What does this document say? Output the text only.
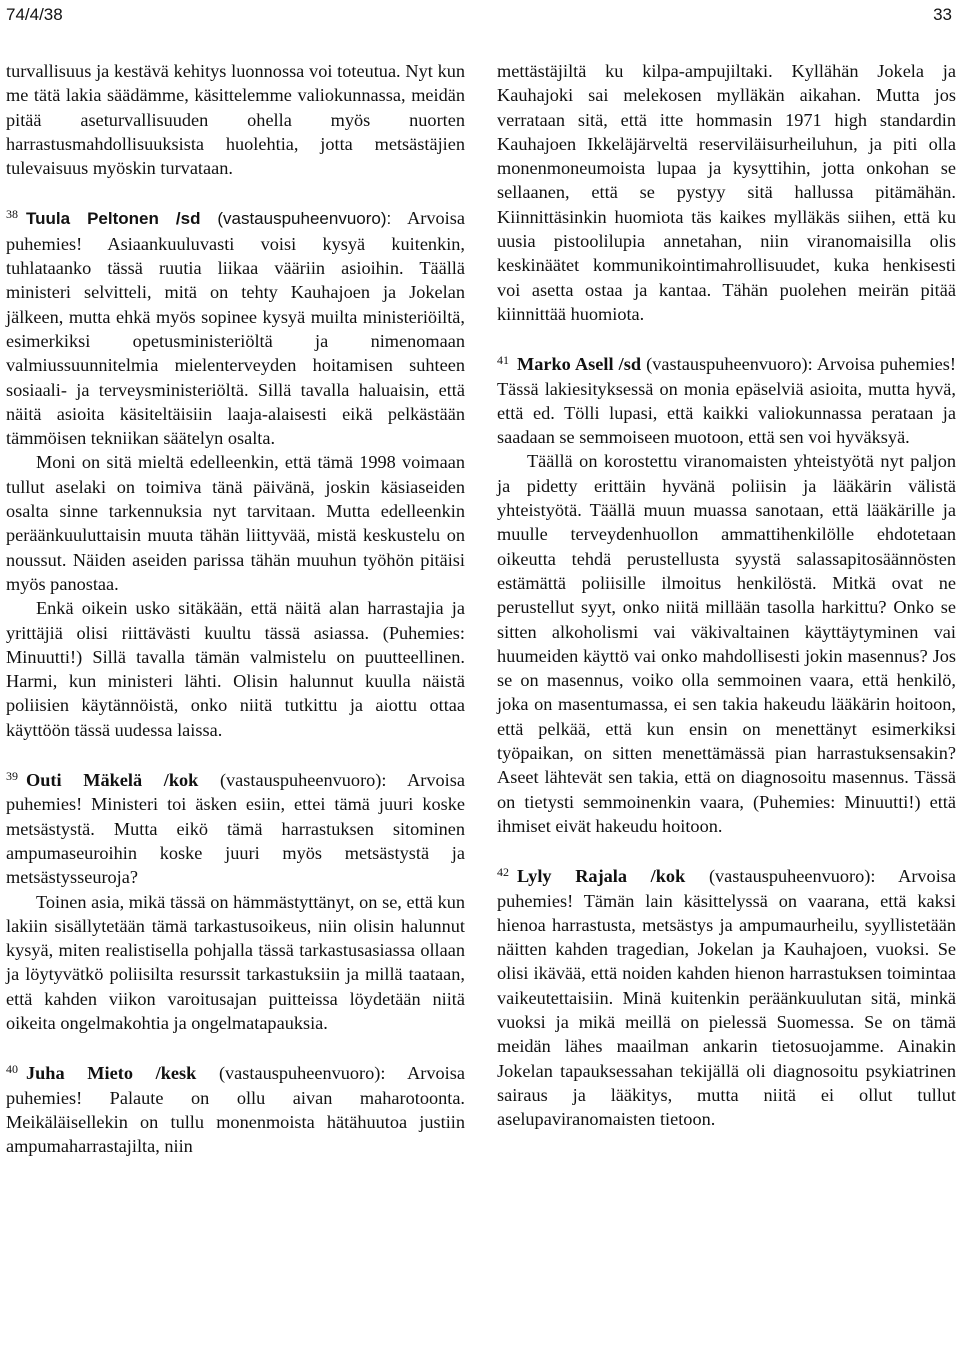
74/4/38	33

turvallisuus ja kestävä kehitys luonnossa voi toteutua. Nyt kun me tätä lakia säädämme, käsittelemme valiokunnassa, meidän pitää aseturvallisuuden ohella myös nuorten harrastusmahdollisuuksista huolehtia, jotta metsästäjien tulevaisuus myöskin turvataan.

$^{38}$ Tuula Peltonen /sd (vastauspuheenvuoro): Arvoisa puhemies! Asiaankuuluvasti voisi kysyä kuitenkin, tuhlataanko tässä ruutia liikaa vääriin asioihin. Täällä ministeri selvitteli, mitä on tehty Kauhajoen ja Jokelan jälkeen, mutta ehkä myös sopinee kysyä muilta ministeriöiltä, esimerkiksi opetusministeriöltä ja nimenomaan valmiussuunnitelmia mielenterveyden hoitamisen suhteen sosiaali- ja terveysministeriöltä. Sillä tavalla haluaisin, että näitä asioita käsiteltäisiin laaja-alaisesti eikä pelkästään tämmöisen tekniikan säätelyn osalta.

Moni on sitä mieltä edelleenkin, että tämä 1998 voimaan tullut aselaki on toimiva tänä päivänä, joskin käsiaseiden osalta sinne tarkennuksia nyt tarvitaan. Mutta edelleenkin peräänkuuluttaisin muuta tähän liittyvää, mistä keskustelu on noussut. Näiden aseiden parissa tähän muuhun työhön pitäisi myös panostaa.

Enkä oikein usko sitäkään, että näitä alan harrastajia ja yrittäjiä olisi riittävästi kuultu tässä asiassa. (Puhemies: Minuutti!) Sillä tavalla tämän valmistelu on puutteellinen. Harmi, kun ministeri lähti. Olisin halunnut kuulla näistä poliisien käytännöistä, onko niitä tutkittu ja aiottu ottaa käyttöön tässä uudessa laissa.

$^{39}$ Outi Mäkelä /kok (vastauspuheenvuoro): Arvoisa puhemies! Ministeri toi äsken esiin, ettei tämä juuri koske metsästystä. Mutta eikö tämä harrastuksen sitominen ampumaseuroihin koske juuri myös metsästystä ja metsästysseuroja?

Toinen asia, mikä tässä on hämmästyttänyt, on se, että kun lakiin sisällytetään tämä tarkastusoikeus, niin olisin halunnut kysyä, miten realistisella pohjalla tässä tarkastusasiassa ollaan ja löytyvätkö poliisilta resurssit tarkastuksiin ja millä taataan, että kahden viikon varoitusajan puitteissa löydetään niitä oikeita ongelmakohtia ja ongelmatapauksia.

$^{40}$ Juha Mieto /kesk (vastauspuheenvuoro): Arvoisa puhemies! Palaute on ollu aivan maharotoonta. Meikäläisellekin on tullu monenmoista hätähuutoa justiin ampumaharrastajilta, niin

mettästäjiltä ku kilpa-ampujiltaki. Kyllähän Jokela ja Kauhajoki sai melekosen mylläkän aikahan. Mutta jos verrataan sitä, että itte hommasin 1971 high standardin Kauhajoen Ikkeläjärveltä reserviläisurheiluhun, ja piti olla monenmoneumoista lupaa ja kysyttihin, jotta onkohan se sellaanen, että se pystyy sitä hallussa pitämähän. Kiinnittäsinkin huomiota täs kaikes mylläkäs siihen, että ku uusia pistoolilupia annetahan, niin viranomaisilla olis keskinäätet kommunikointimahrollisuudet, kuka henkisesti voi asetta ostaa ja kantaa. Tähän puolehen meirän pitää kiinnittää huomiota.

$^{41}$ Marko Asell /sd (vastauspuheenvuoro): Arvoisa puhemies! Tässä lakiesityksessä on monia epäselviä asioita, mutta hyvä, että ed. Tölli lupasi, että kaikki valiokunnassa perataan ja saadaan se semmoiseen muotoon, että sen voi hyväksyä.

Täällä on korostettu viranomaisten yhteistyötä nyt paljon ja pidetty erittäin hyvänä poliisin ja lääkärin välistä yhteistyötä. Täällä muun muassa sanotaan, että lääkärille ja muulle terveydenhuollon ammattihenkilölle ehdotetaan oikeutta tehdä perustellusta syystä salassapitosäännösten estämättä poliisille ilmoitus henkilöstä. Mitkä ovat ne perustellut syyt, onko niitä millään tasolla harkittu? Onko se sitten alkoholismi vai väkivaltainen käyttäytyminen vai huumeiden käyttö vai onko mahdollisesti jokin masennus? Jos se on masennus, voiko olla semmoinen vaara, että henkilö, joka on masentumassa, ei sen takia hakeudu lääkärin hoitoon, että pelkää, että kun ensin on menettänyt esimerkiksi työpaikan, on sitten menettämässä pian harrastuksensakin? Aseet lähtevät sen takia, että on diagnosoitu masennus. Tässä on tietysti semmoinenkin vaara, (Puhemies: Minuutti!) että ihmiset eivät hakeudu hoitoon.

$^{42}$ Lyly Rajala /kok (vastauspuheenvuoro): Arvoisa puhemies! Tämän lain käsittelyssä on vaarana, että kaksi hienoa harrastusta, metsästys ja ampumaurheilu, syyllistetään näitten kahden tragedian, Jokelan ja Kauhajoen, vuoksi. Se olisi ikävää, että noiden kahden hienon harrastuksen toimintaa vaikeutettaisiin. Minä kuitenkin peräänkuulutan sitä, minkä vuoksi ja mikä meillä on pielessä Suomessa. Se on tämä meidän lähes maailman ankarin tietosuojamme. Ainakin Jokelan tapauksessahan tekijällä oli diagnosoitu psykiatrinen sairaus ja lääkitys, mutta niitä ei ollut tullut aselupaviranomaisten tietoon.
